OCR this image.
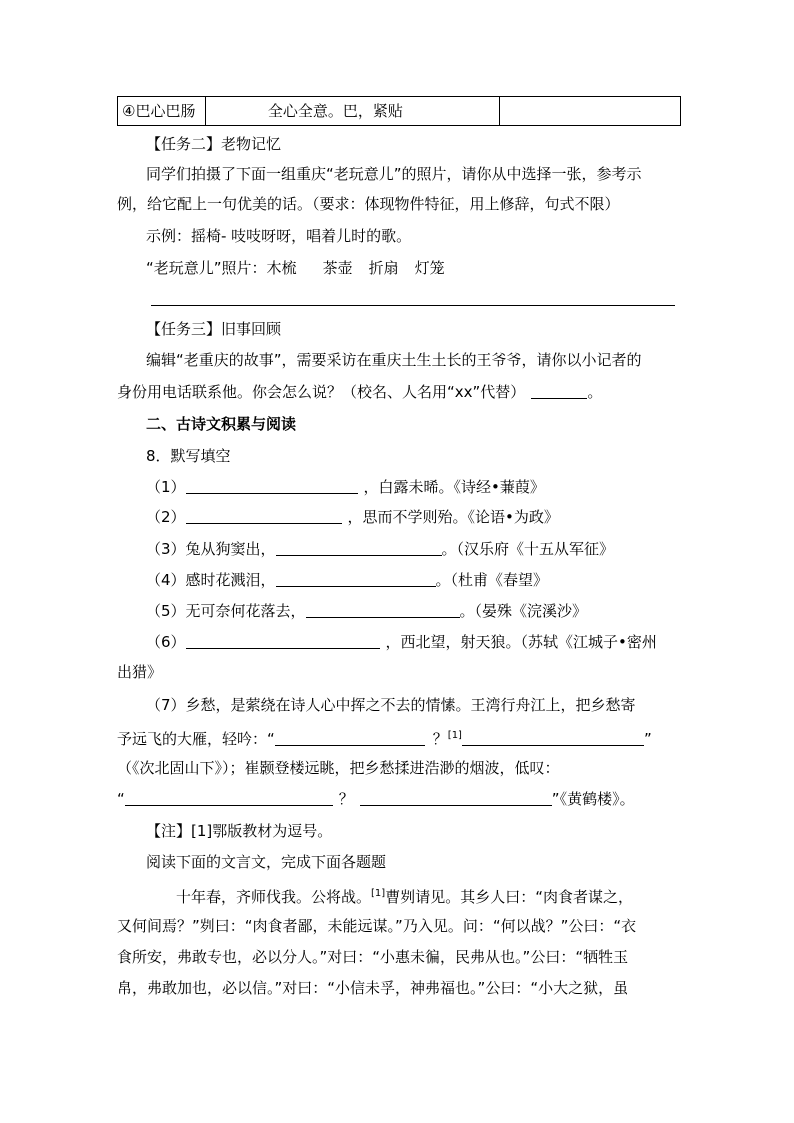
④巴心巴肠	全心全意。巴，紧贴	
【任务二】老物记忆
同学们拍摄了下面一组重庆“老玩意儿”的照片，请你从中选择一张，参考示
例，给它配上一句优美的话。（要求：体现物件特征，用上修辞，句式不限）
示例：摇椅- 吱吱呀呀，唱着儿时的歌。
“老玩意儿”照片：木梳 茶壶 折扇 灯笼
【任务三】旧事回顾
编辑“老重庆的故事”，需要采访在重庆土生土长的王爷爷，请你以小记者的
身份用电话联系他。你会怎么说？（校名、人名用“xx”代替）	。
二、古诗文积累与阅读
8．默写填空
（1）	，白露未晞。《诗经•蒹葭》
（2）	，思而不学则殆。《论语•为政》
（3）兔从狗窦出，	。（汉乐府《十五从军征》
（4）感时花溅泪，	。（杜甫《春望》
（5）无可奈何花落去，	。（晏殊《浣溪沙》
（6）	，西北望，射天狼。（苏轼《江城子•密州
出猎》
（7）乡愁，是萦绕在诗人心中挥之不去的情愫。王湾行舟江上，把乡愁寄
予远飞的大雁，轻吟：“	？[1]	”
（《次北固山下》）；崔颢登楼远眺，把乡愁揉进浩渺的烟波，低叹：
“	？	”《黄鹤楼》。
【注】[1]鄂版教材为逗号。
阅读下面的文言文，完成下面各题题
十年春，齐师伐我。公将战。[1]曹刿请见。其乡人曰：“肉食者谋之，
又何间焉？”刿曰：“肉食者鄙，未能远谋。”乃入见。问：“何以战？”公曰：“衣
食所安，弗敢专也，必以分人。”对曰：“小惠未徧，民弗从也。”公曰：“牺牲玉
帛，弗敢加也，必以信。”对曰：“小信未孚，神弗福也。”公曰：“小大之狱，虽
